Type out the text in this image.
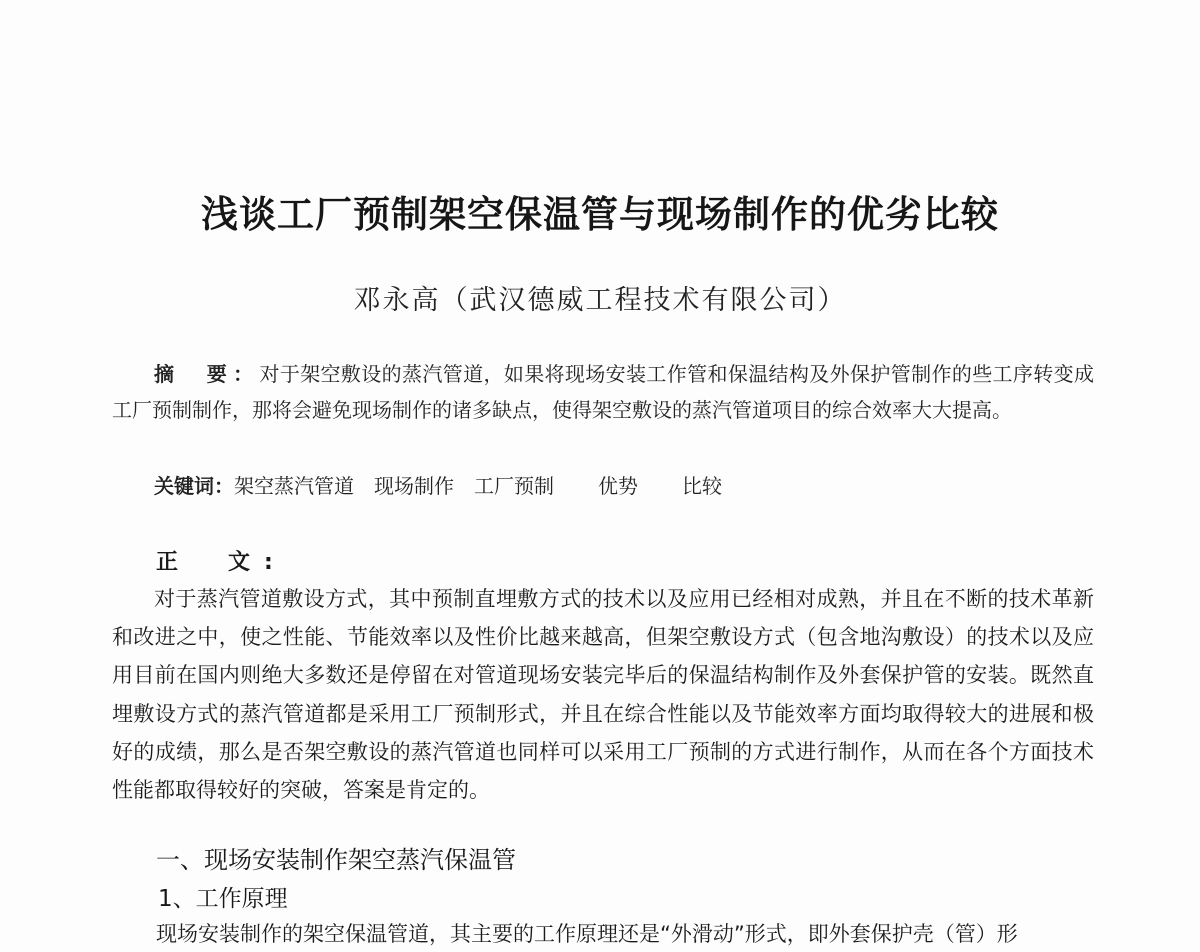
浅谈工厂预制架空保温管与现场制作的优劣比较
邓永高（武汉德威工程技术有限公司）
摘　要：对于架空敷设的蒸汽管道，如果将现场安装工作管和保温结构及外保护管制作的些工序转变成工厂预制制作，那将会避免现场制作的诸多缺点，使得架空敷设的蒸汽管道项目的综合效率大大提高。
关键词：架空蒸汽管道 现场制作 工厂预制 优势 比较
正　文:
对于蒸汽管道敷设方式，其中预制直埋敷方式的技术以及应用已经相对成熟，并且在不断的技术革新和改进之中，使之性能、节能效率以及性价比越来越高，但架空敷设方式（包含地沟敷设）的技术以及应用目前在国内则绝大多数还是停留在对管道现场安装完毕后的保温结构制作及外套保护管的安装。既然直埋敷设方式的蒸汽管道都是采用工厂预制形式，并且在综合性能以及节能效率方面均取得较大的进展和极好的成绩，那么是否架空敷设的蒸汽管道也同样可以采用工厂预制的方式进行制作，从而在各个方面技术性能都取得较好的突破，答案是肯定的。
一、现场安装制作架空蒸汽保温管
1、工作原理
现场安装制作的架空保温管道，其主要的工作原理还是“外滑动”形式，即外套保护壳（管）形
